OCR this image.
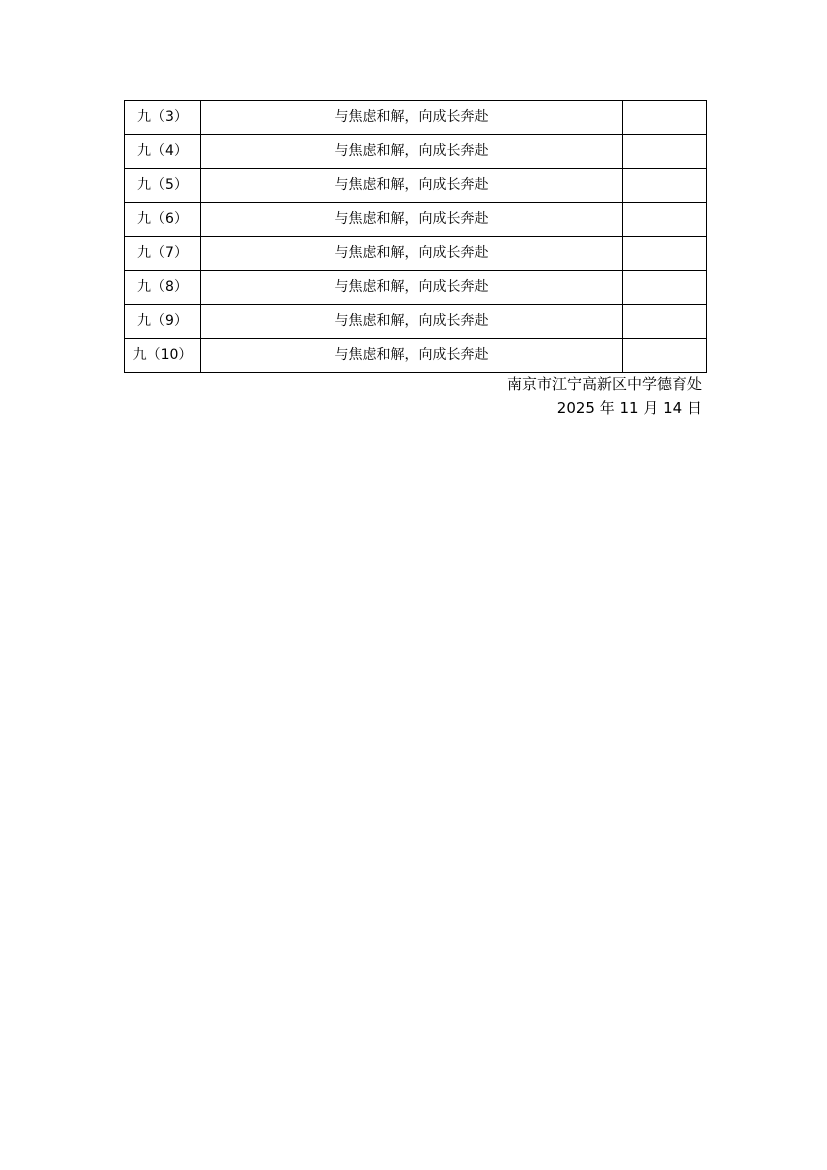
九（3）	与焦虑和解，向成长奔赴	
九（4）	与焦虑和解，向成长奔赴	
九（5）	与焦虑和解，向成长奔赴	
九（6）	与焦虑和解，向成长奔赴	
九（7）	与焦虑和解，向成长奔赴	
九（8）	与焦虑和解，向成长奔赴	
九（9）	与焦虑和解，向成长奔赴	
九（10）	与焦虑和解，向成长奔赴	
南京市江宁高新区中学德育处
2025 年 11 月 14 日
